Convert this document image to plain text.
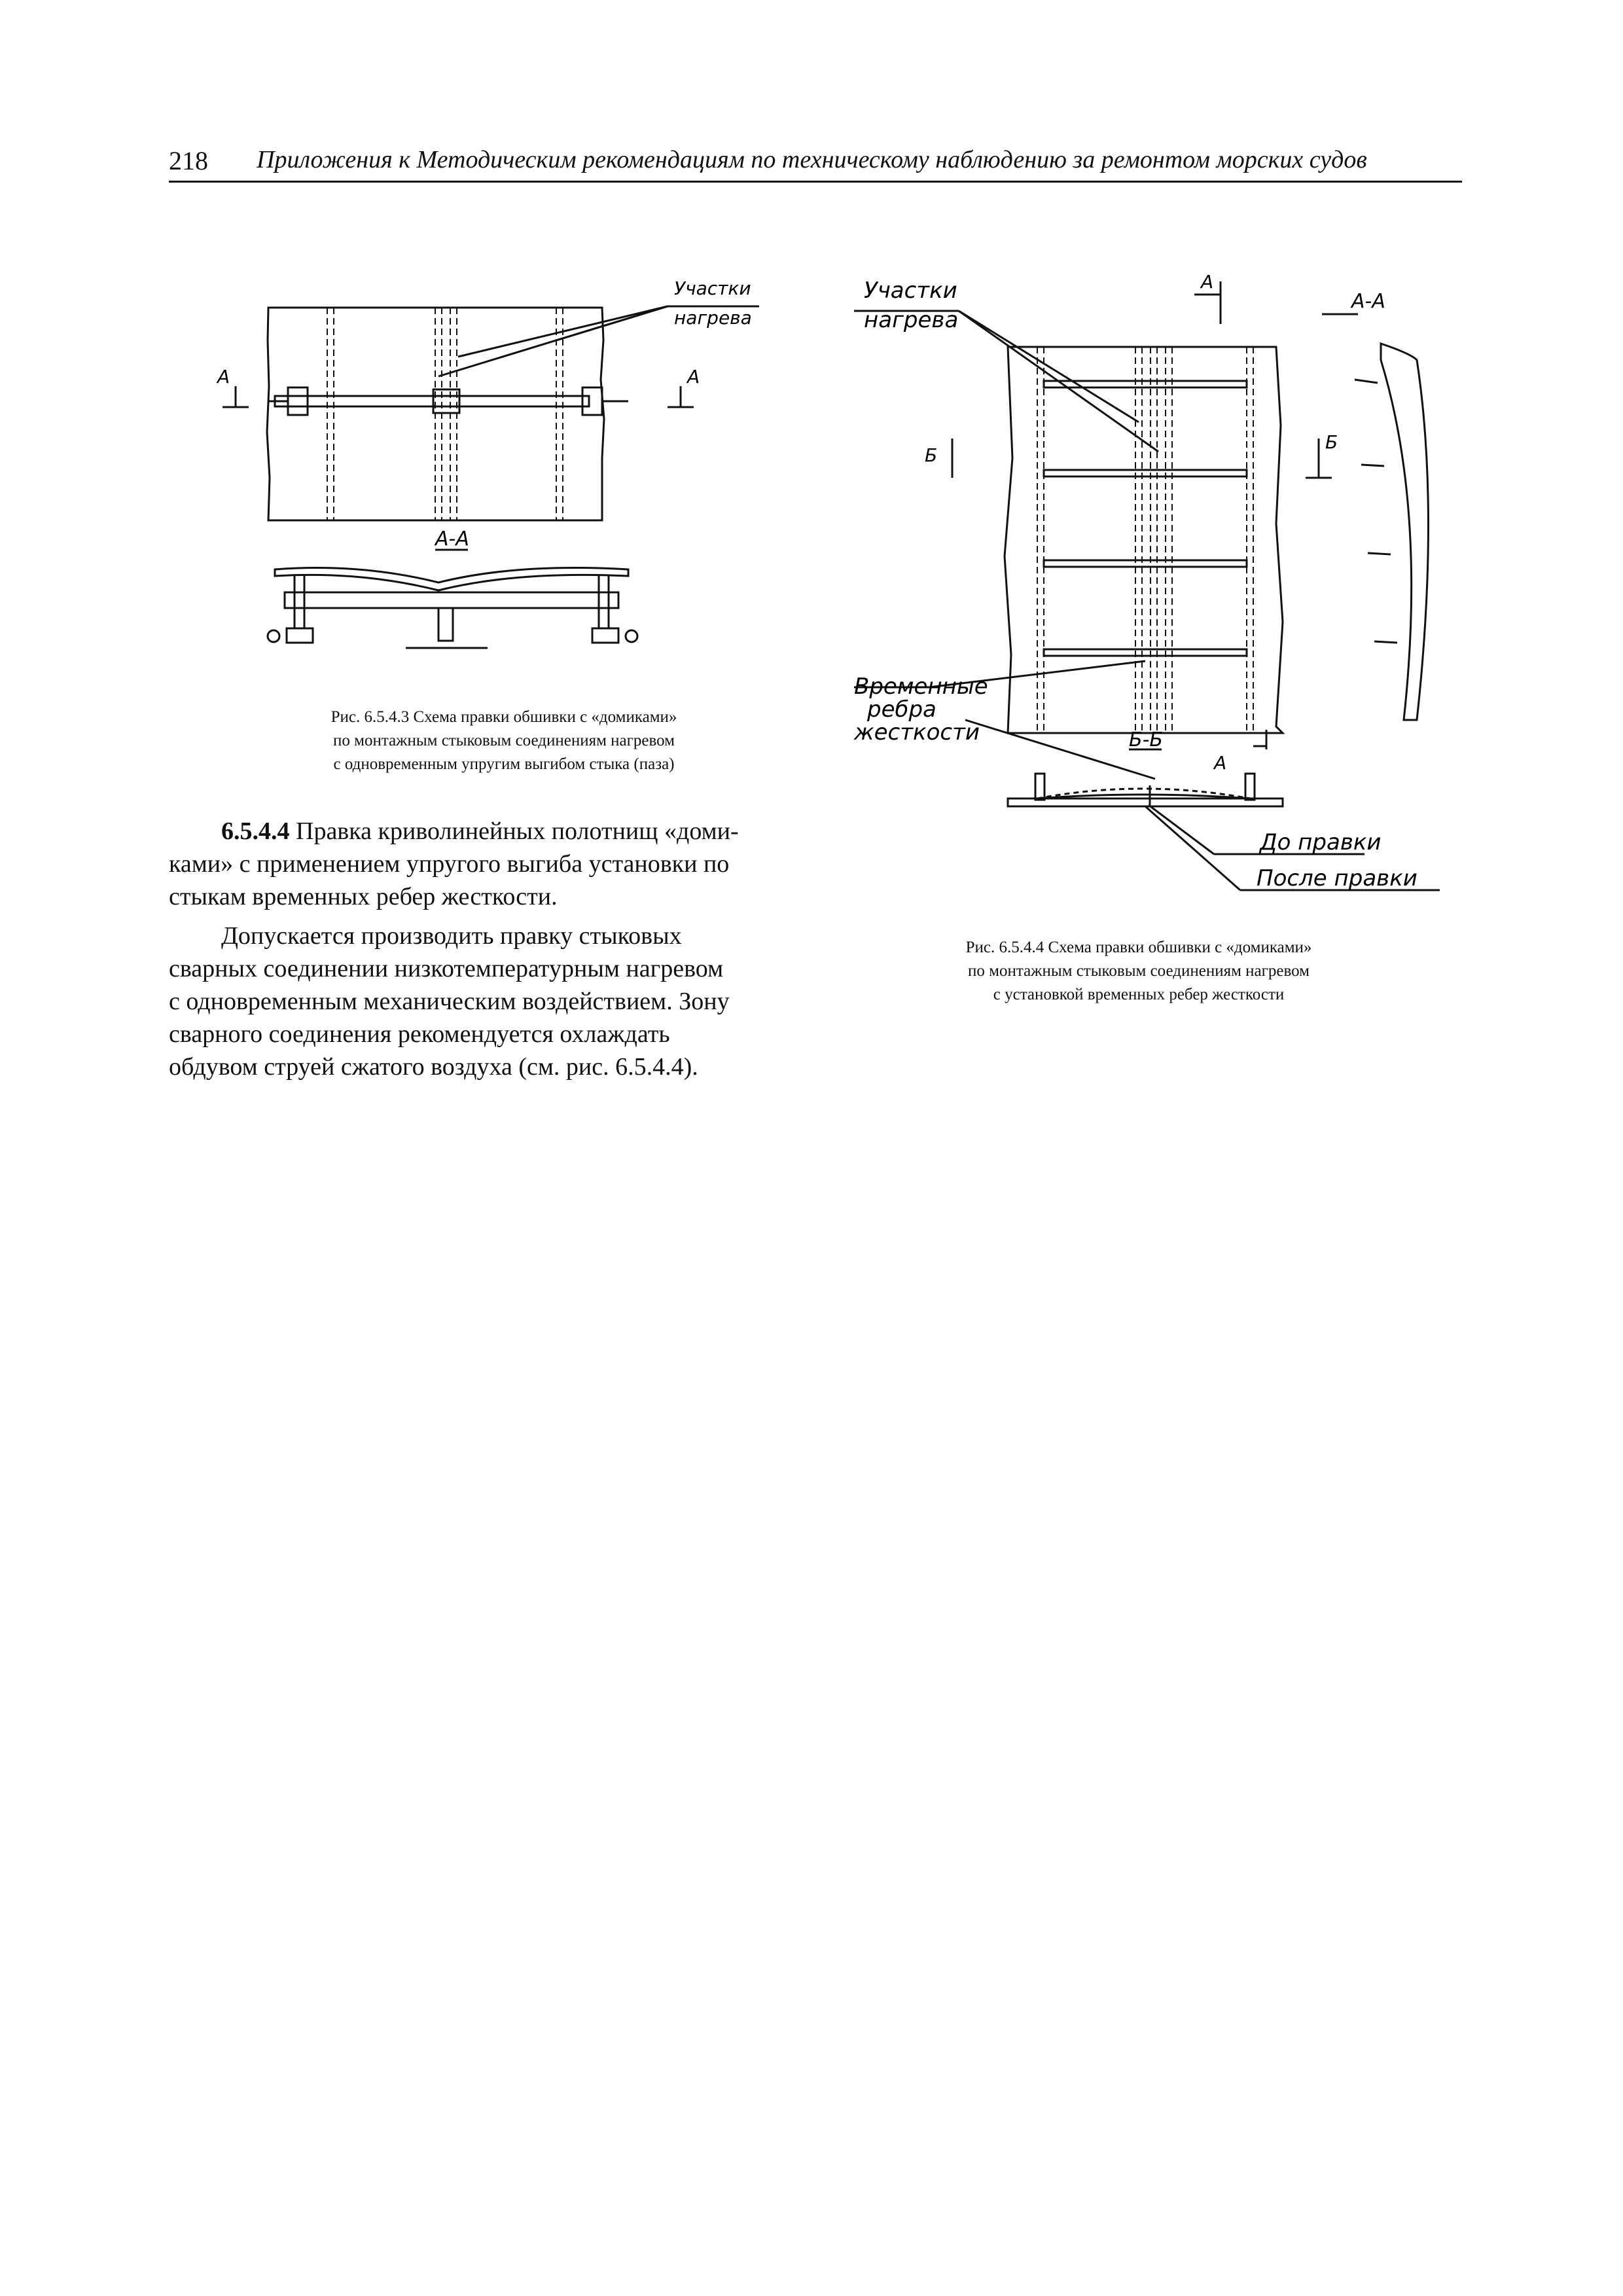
218 Приложения к Методическим рекомендациям по техническому наблюдению за ремонтом морских судов
Участки
нагрева
A	A
A-A
Рис. 6.5.4.3 Схема правки обшивки с «домиками»
по монтажным стыковым соединениям нагревом
с одновременным упругим выгибом стыка (паза)
Участки
нагрева
A
A-A
Б
Б
Временные
ребра
жесткости	Б-Б
A
До правки
После правки
Рис. 6.5.4.4 Схема правки обшивки с «домиками»
по монтажным стыковым соединениям нагревом
с установкой временных ребер жесткости

6.5.4.4 Правка криволинейных полотнищ «доми-

ками» с применением упругого выгиба установки по

стыкам временных ребер жесткости.

Допускается производить правку стыковых

сварных соединении низкотемпературным нагревом

с одновременным механическим воздействием. Зону

сварного соединения рекомендуется охлаждать

обдувом струей сжатого воздуха (см. рис. 6.5.4.4).
